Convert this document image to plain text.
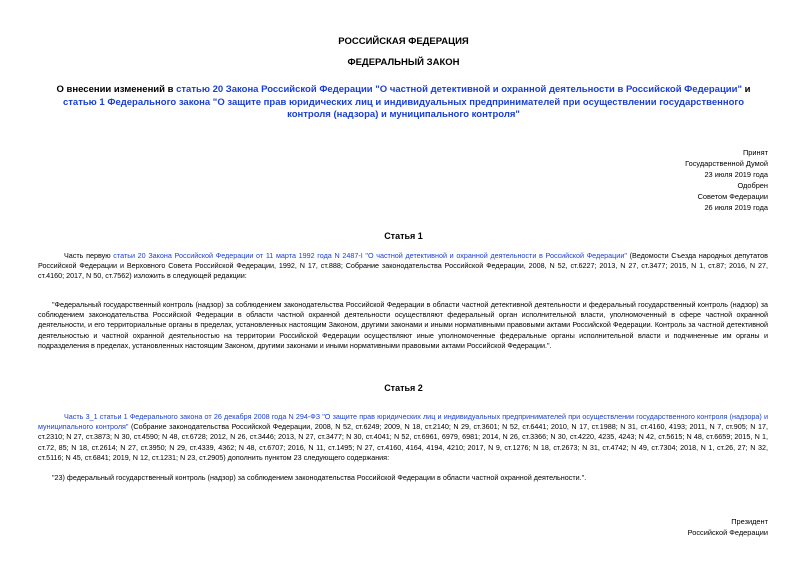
РОССИЙСКАЯ ФЕДЕРАЦИЯ
ФЕДЕРАЛЬНЫЙ ЗАКОН
О внесении изменений в статью 20 Закона Российской Федерации "О частной детективной и охранной деятельности в Российской Федерации" и статью 1 Федерального закона "О защите прав юридических лиц и индивидуальных предпринимателей при осуществлении государственного контроля (надзора) и муниципального контроля"
Принят
Государственной Думой
23 июля 2019 года
Одобрен
Советом Федерации
26 июля 2019 года
Статья 1
Часть первую статьи 20 Закона Российской Федерации от 11 марта 1992 года N 2487-I "О частной детективной и охранной деятельности в Российской Федерации" (Ведомости Съезда народных депутатов Российской Федерации и Верховного Совета Российской Федерации, 1992, N 17, ст.888; Собрание законодательства Российской Федерации, 2008, N 52, ст.6227; 2013, N 27, ст.3477; 2015, N 1, ст.87; 2016, N 27, ст.4160; 2017, N 50, ст.7562) изложить в следующей редакции:
"Федеральный государственный контроль (надзор) за соблюдением законодательства Российской Федерации в области частной детективной деятельности и федеральный государственный контроль (надзор) за соблюдением законодательства Российской Федерации в области частной охранной деятельности осуществляют федеральный орган исполнительной власти, уполномоченный в сфере частной охранной деятельности, и его территориальные органы в пределах, установленных настоящим Законом, другими законами и иными нормативными правовыми актами Российской Федерации. Контроль за частной детективной деятельностью и частной охранной деятельностью на территории Российской Федерации осуществляют иные уполномоченные федеральные органы исполнительной власти и подчиненные им органы и подразделения в пределах, установленных настоящим Законом, другими законами и иными нормативными правовыми актами Российской Федерации.".
Статья 2
Часть 3_1 статьи 1 Федерального закона от 26 декабря 2008 года N 294-ФЗ "О защите прав юридических лиц и индивидуальных предпринимателей при осуществлении государственного контроля (надзора) и муниципального контроля" (Собрание законодательства Российской Федерации, 2008, N 52, ст.6249; 2009, N 18, ст.2140; N 29, ст.3601; N 52, ст.6441; 2010, N 17, ст.1988; N 31, ст.4160, 4193; 2011, N 7, ст.905; N 17, ст.2310; N 27, ст.3873; N 30, ст.4590; N 48, ст.6728; 2012, N 26, ст.3446; 2013, N 27, ст.3477; N 30, ст.4041; N 52, ст.6961, 6979, 6981; 2014, N 26, ст.3366; N 30, ст.4220, 4235, 4243; N 42, ст.5615; N 48, ст.6659; 2015, N 1, ст.72, 85; N 18, ст.2614; N 27, ст.3950; N 29, ст.4339, 4362; N 48, ст.6707; 2016, N 11, ст.1495; N 27, ст.4160, 4164, 4194, 4210; 2017, N 9, ст.1276; N 18, ст.2673; N 31, ст.4742; N 49, ст.7304; 2018, N 1, ст.26, 27; N 32, ст.5116; N 45, ст.6841; 2019, N 12, ст.1231; N 23, ст.2905) дополнить пунктом 23 следующего содержания:
"23) федеральный государственный контроль (надзор) за соблюдением законодательства Российской Федерации в области частной охранной деятельности.".
Президент
Российской Федерации
